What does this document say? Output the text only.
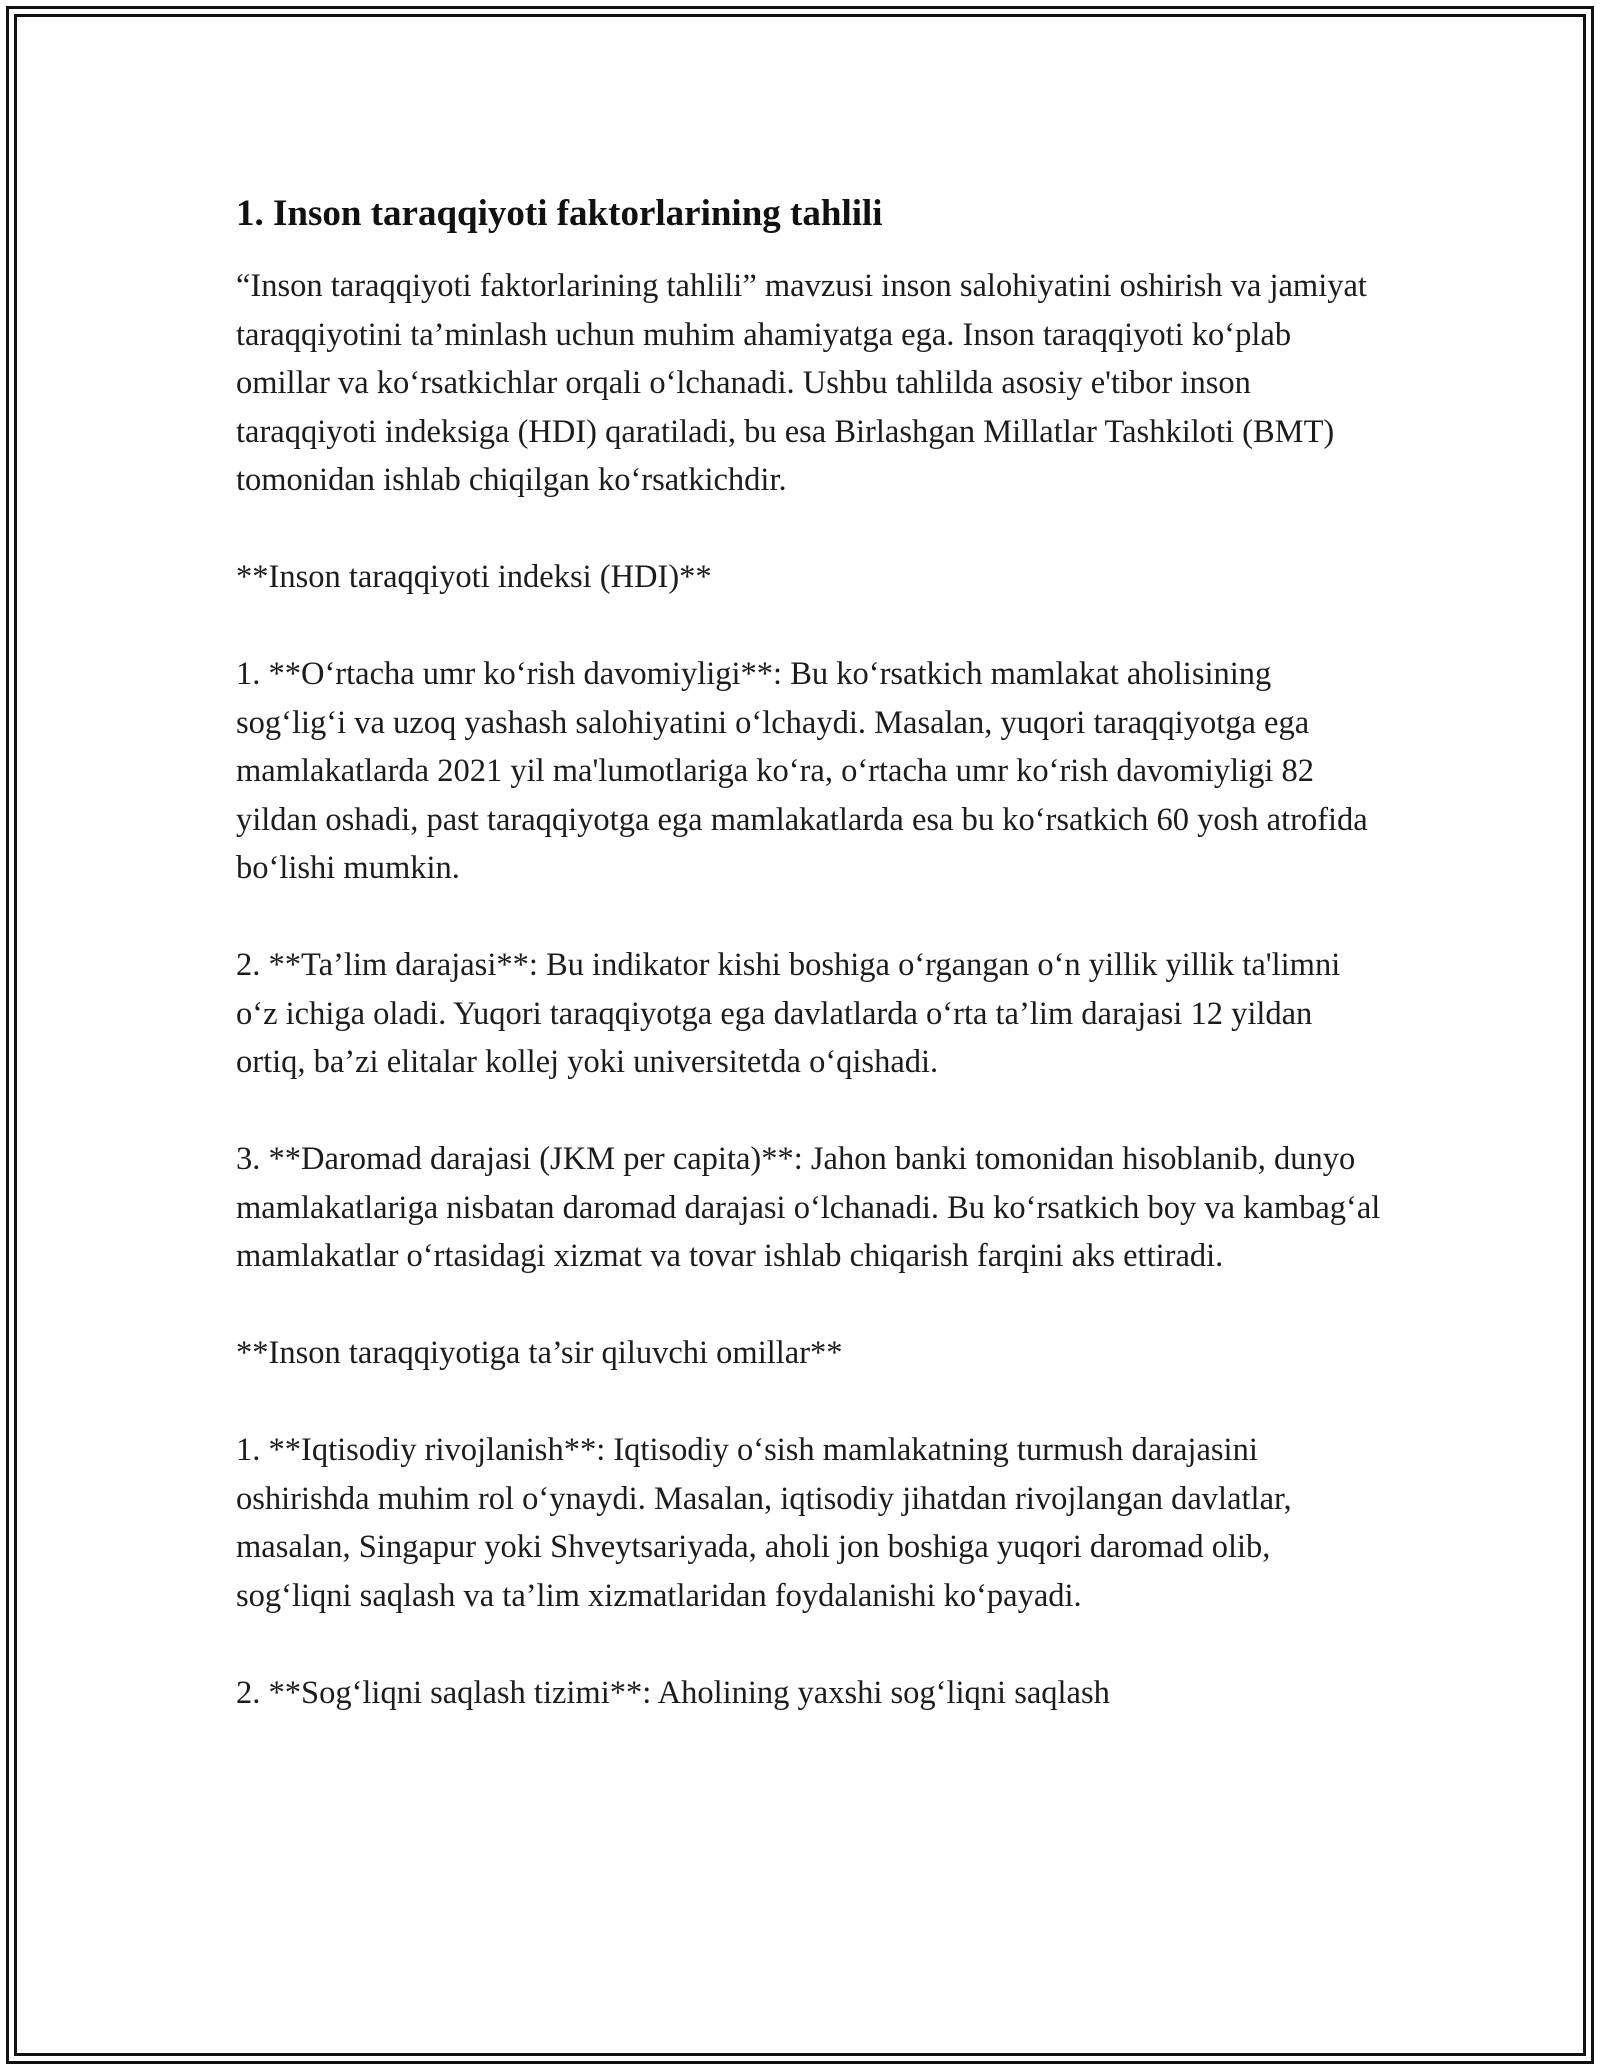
1. Inson taraqqiyoti faktorlarining tahlili

“Inson taraqqiyoti faktorlarining tahlili” mavzusi inson salohiyatini oshirish va jamiyat taraqqiyotini ta’minlash uchun muhim ahamiyatga ega. Inson taraqqiyoti ko‘plab omillar va ko‘rsatkichlar orqali o‘lchanadi. Ushbu tahlilda asosiy e'tibor inson taraqqiyoti indeksiga (HDI) qaratiladi, bu esa Birlashgan Millatlar Tashkiloti (BMT) tomonidan ishlab chiqilgan ko‘rsatkichdir.

**Inson taraqqiyoti indeksi (HDI)**

1. **O‘rtacha umr ko‘rish davomiyligi**: Bu ko‘rsatkich mamlakat aholisining sog‘lig‘i va uzoq yashash salohiyatini o‘lchaydi. Masalan, yuqori taraqqiyotga ega mamlakatlarda 2021 yil ma'lumotlariga ko‘ra, o‘rtacha umr ko‘rish davomiyligi 82 yildan oshadi, past taraqqiyotga ega mamlakatlarda esa bu ko‘rsatkich 60 yosh atrofida bo‘lishi mumkin.

2. **Ta’lim darajasi**: Bu indikator kishi boshiga o‘rgangan o‘n yillik yillik ta'limni o‘z ichiga oladi. Yuqori taraqqiyotga ega davlatlarda o‘rta ta’lim darajasi 12 yildan ortiq, ba’zi elitalar kollej yoki universitetda o‘qishadi.

3. **Daromad darajasi (JKM per capita)**: Jahon banki tomonidan hisoblanib, dunyo mamlakatlariga nisbatan daromad darajasi o‘lchanadi. Bu ko‘rsatkich boy va kambag‘al mamlakatlar o‘rtasidagi xizmat va tovar ishlab chiqarish farqini aks ettiradi.

**Inson taraqqiyotiga ta’sir qiluvchi omillar**

1. **Iqtisodiy rivojlanish**: Iqtisodiy o‘sish mamlakatning turmush darajasini oshirishda muhim rol o‘ynaydi. Masalan, iqtisodiy jihatdan rivojlangan davlatlar, masalan, Singapur yoki Shveytsariyada, aholi jon boshiga yuqori daromad olib, sog‘liqni saqlash va ta’lim xizmatlaridan foydalanishi ko‘payadi.

2. **Sog‘liqni saqlash tizimi**: Aholining yaxshi sog‘liqni saqlash
